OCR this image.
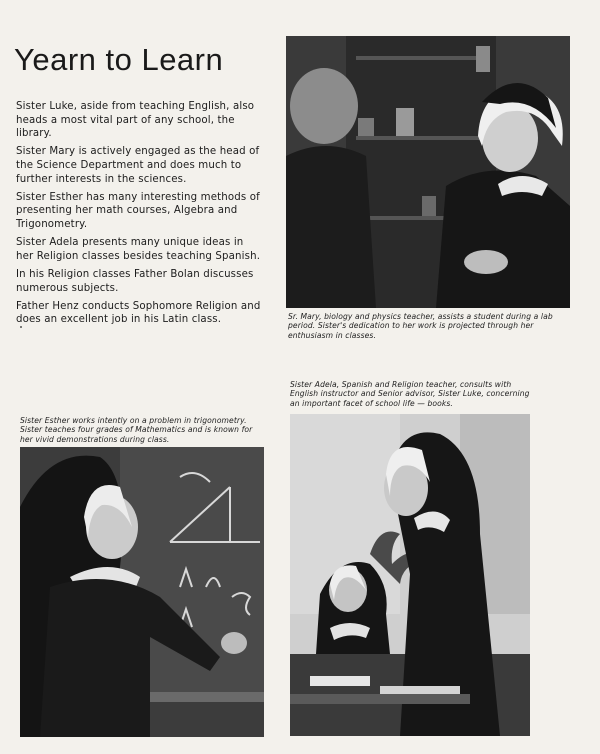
Yearn to Learn

Sister Luke, aside from teaching English, also heads a most vital part of any school, the library.

Sister Mary is actively engaged as the head of the Science Department and does much to further interests in the sciences.

Sister Esther has many interesting methods of presenting her math courses, Algebra and Trigonometry.

Sister Adela presents many unique ideas in her Religion classes besides teaching Spanish.

In his Religion classes Father Bolan discusses numerous subjects.

Father Henz conducts Sophomore Religion and does an excellent job in his Latin class.	Sr. Mary, biology and physics teacher, assists a student during a lab period. Sister's dedication to her work is projected through her enthusiasm in classes.
Sister Esther works intently on a problem in trigonometry. Sister teaches four grades of Mathematics and is known for her vivid demonstrations during class.
Sister Adela, Spanish and Religion teacher, consults with English instructor and Senior advisor, Sister Luke, concerning an important facet of school life — books.
